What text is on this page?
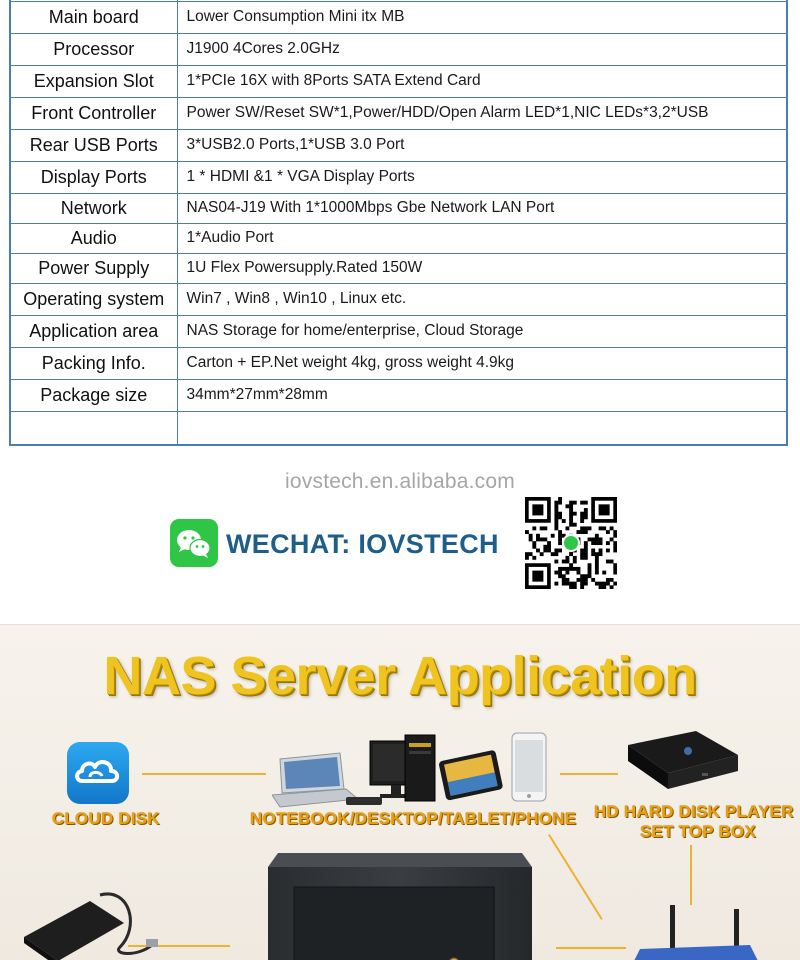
Main board	Lower Consumption Mini itx MB
Processor	J1900 4Cores 2.0GHz
Expansion Slot	1*PCIe 16X with 8Ports SATA Extend Card
Front Controller	Power SW/Reset SW*1,Power/HDD/Open Alarm LED*1,NIC LEDs*3,2*USB
Rear USB Ports	3*USB2.0 Ports,1*USB 3.0 Port
Display Ports	1 * HDMI &1 * VGA Display Ports
Network	NAS04-J19 With 1*1000Mbps Gbe Network LAN Port
Audio	1*Audio Port
Power Supply	1U Flex Powersupply.Rated 150W
Operating system	Win7 , Win8 , Win10 , Linux etc.
Application area	NAS Storage for home/enterprise, Cloud Storage
Packing Info.	Carton + EP.Net weight 4kg, gross weight 4.9kg
Package size	34mm*27mm*28mm

iovstech.en.alibaba.com
WECHAT: IOVSTECH
NAS Server Application
CLOUD DISK	NOTEBOOK/DESKTOP/TABLET/PHONE HD HARD DISK PLAYER
SET TOP BOX
